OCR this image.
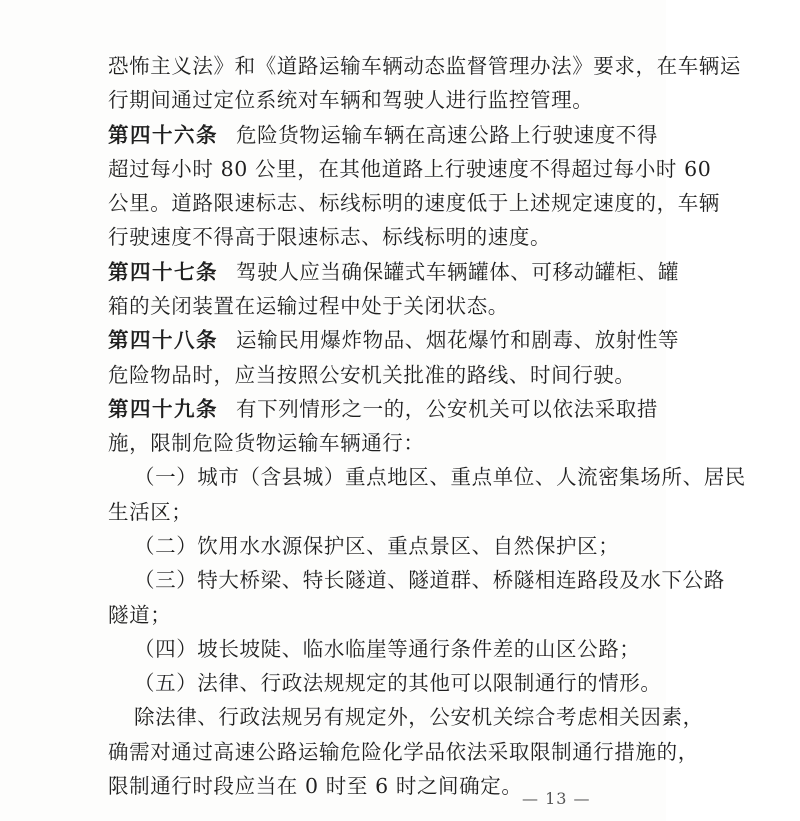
恐怖主义法》和《道路运输车辆动态监督管理办法》要求，在车辆运
行期间通过定位系统对车辆和驾驶人进行监控管理。
第四十六条 危险货物运输车辆在高速公路上行驶速度不得
超过每小时 80 公里，在其他道路上行驶速度不得超过每小时 60
公里。道路限速标志、标线标明的速度低于上述规定速度的，车辆
行驶速度不得高于限速标志、标线标明的速度。
第四十七条 驾驶人应当确保罐式车辆罐体、可移动罐柜、罐
箱的关闭装置在运输过程中处于关闭状态。
第四十八条 运输民用爆炸物品、烟花爆竹和剧毒、放射性等
危险物品时，应当按照公安机关批准的路线、时间行驶。
第四十九条 有下列情形之一的，公安机关可以依法采取措
施，限制危险货物运输车辆通行：
（一）城市（含县城）重点地区、重点单位、人流密集场所、居民
生活区；
（二）饮用水水源保护区、重点景区、自然保护区；
（三）特大桥梁、特长隧道、隧道群、桥隧相连路段及水下公路
隧道；
（四）坡长坡陡、临水临崖等通行条件差的山区公路；
（五）法律、行政法规规定的其他可以限制通行的情形。
除法律、行政法规另有规定外，公安机关综合考虑相关因素，
确需对通过高速公路运输危险化学品依法采取限制通行措施的，
限制通行时段应当在 0 时至 6 时之间确定。
— 13 —
